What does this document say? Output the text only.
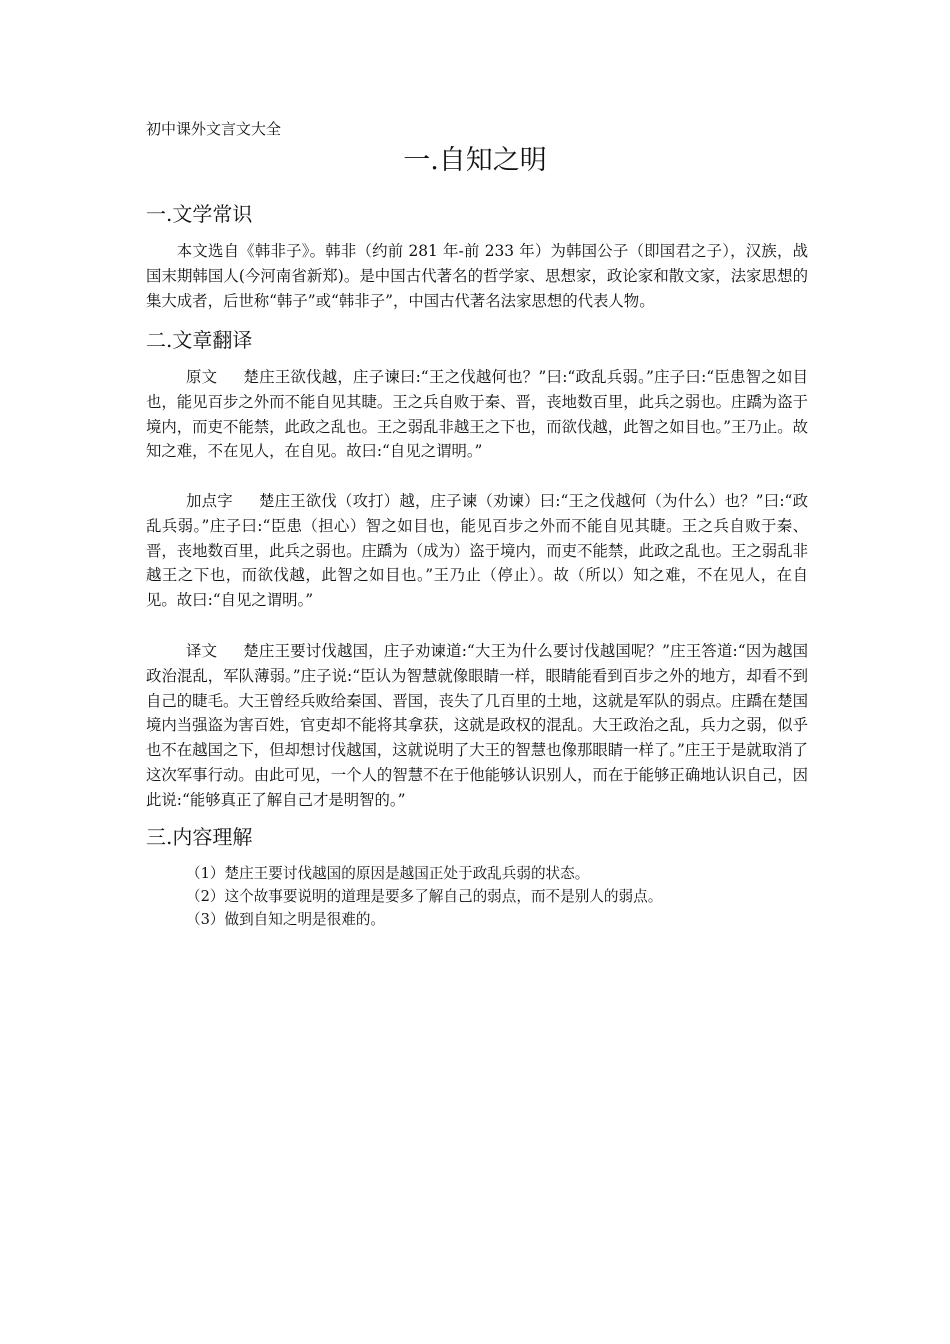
初中课外文言文大全
一.自知之明
一.文学常识

本文选自《韩非子》。韩非（约前 281 年-前 233 年）为韩国公子（即国君之子），汉族，战国末期韩国人(今河南省新郑)。是中国古代著名的哲学家、思想家，政论家和散文家，法家思想的集大成者，后世称“韩子”或“韩非子”，中国古代著名法家思想的代表人物。

二.文章翻译

原文 楚庄王欲伐越，庄子谏曰:“王之伐越何也？”曰:“政乱兵弱。”庄子曰:“臣患智之如目也，能见百步之外而不能自见其睫。王之兵自败于秦、晋，丧地数百里，此兵之弱也。庄蹻为盗于境内，而吏不能禁，此政之乱也。王之弱乱非越王之下也，而欲伐越，此智之如目也。”王乃止。故知之难，不在见人，在自见。故曰:“自见之谓明。”

加点字 楚庄王欲伐（攻打）越，庄子谏（劝谏）曰:“王之伐越何（为什么）也？”曰:“政乱兵弱。”庄子曰:“臣患（担心）智之如目也，能见百步之外而不能自见其睫。王之兵自败于秦、晋，丧地数百里，此兵之弱也。庄蹻为（成为）盗于境内，而吏不能禁，此政之乱也。王之弱乱非越王之下也，而欲伐越，此智之如目也。”王乃止（停止）。故（所以）知之难，不在见人，在自见。故曰:“自见之谓明。”

译文 楚庄王要讨伐越国，庄子劝谏道:“大王为什么要讨伐越国呢？”庄王答道:“因为越国政治混乱，军队薄弱。”庄子说:“臣认为智慧就像眼睛一样，眼睛能看到百步之外的地方，却看不到自己的睫毛。大王曾经兵败给秦国、晋国，丧失了几百里的土地，这就是军队的弱点。庄蹻在楚国境内当强盗为害百姓，官吏却不能将其拿获，这就是政权的混乱。大王政治之乱，兵力之弱，似乎也不在越国之下，但却想讨伐越国，这就说明了大王的智慧也像那眼睛一样了。”庄王于是就取消了这次军事行动。由此可见，一个人的智慧不在于他能够认识别人，而在于能够正确地认识自己，因此说:“能够真正了解自己才是明智的。”

三.内容理解
（1）楚庄王要讨伐越国的原因是越国正处于政乱兵弱的状态。
（2）这个故事要说明的道理是要多了解自己的弱点，而不是别人的弱点。
（3）做到自知之明是很难的。
